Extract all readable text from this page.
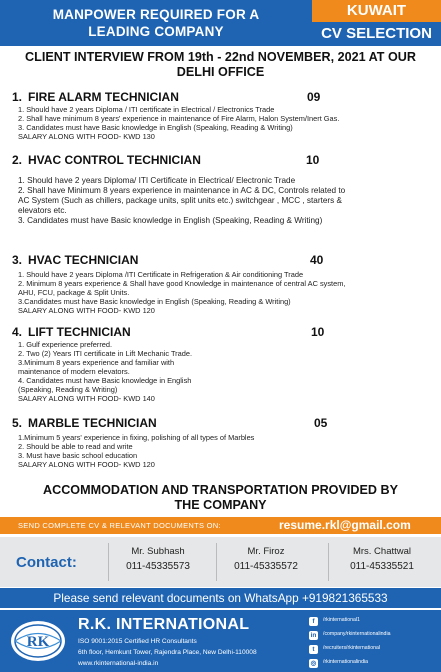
MANPOWER REQUIRED FOR A
LEADING COMPANY
KUWAIT
CV SELECTION
CLIENT INTERVIEW FROM 19th - 22nd NOVEMBER, 2021 AT OUR
DELHI OFFICE
1. FIRE ALARM TECHNICIAN	09
1. Should have 2 years Diploma / ITI certificate in Electrical / Electronics Trade
2. Shall have minimum 8 years' experience in maintenance of Fire Alarm, Halon System/Inert Gas.
3. Candidates must have Basic knowledge in English (Speaking, Reading & Writing)
SALARY ALONG WITH FOOD- KWD 130
2. HVAC CONTROL TECHNICIAN	10
1. Should have 2 years Diploma/ ITI Certificate in Electrical/ Electronic Trade
2. Shall have Minimum 8 years experience in maintenance in AC & DC, Controls related to
AC System (Such as chillers, package units, split units etc.) switchgear , MCC , starters &
elevators etc.
3. Candidates must have Basic knowledge in English (Speaking, Reading & Writing)
3. HVAC TECHNICIAN	40
1. Should have 2 years Diploma /ITI Certificate in Refrigeration & Air conditioning Trade
2. Minimum 8 years experience & Shall have good Knowledge in maintenance of central AC system,
AHU, FCU, package & Split Units.
3.Candidates must have Basic knowledge in English (Speaking, Reading & Writing)
SALARY ALONG WITH FOOD- KWD 120
4. LIFT TECHNICIAN	10
1. Gulf experience preferred.
2. Two (2) Years ITI certificate in Lift Mechanic Trade.
3.Minimum 8 years experience and familiar with
maintenance of modern elevators.
4. Candidates must have Basic knowledge in English
(Speaking, Reading & Writing)
SALARY ALONG WITH FOOD- KWD 140
5. MARBLE TECHNICIAN	05
1.Minimum 5 years' experience in fixing, polishing of all types of Marbles
2. Should be able to read and write
3. Must have basic school education
SALARY ALONG WITH FOOD- KWD 120
ACCOMMODATION AND TRANSPORTATION PROVIDED BY
THE COMPANY
SEND COMPLETE CV & RELEVANT DOCUMENTS ON:	resume.rkl@gmail.com
Contact:
Mr. Subhash
011-45335573
Mr. Firoz
011-45335572
Mrs. Chattwal
011-45335521
Please send relevant documents on WhatsApp +919821365533
RK
R.K. INTERNATIONAL
ISO 9001:2015 Certified HR Consultants
6th floor, Hemkunt Tower, Rajendra Place, New Delhi-110008
www.rkinternational-india.in
f	/rkinternational1
in	/company/rkinternationalindia
t	/recruiters/rkinternational
◎	/rkinternationalindia
